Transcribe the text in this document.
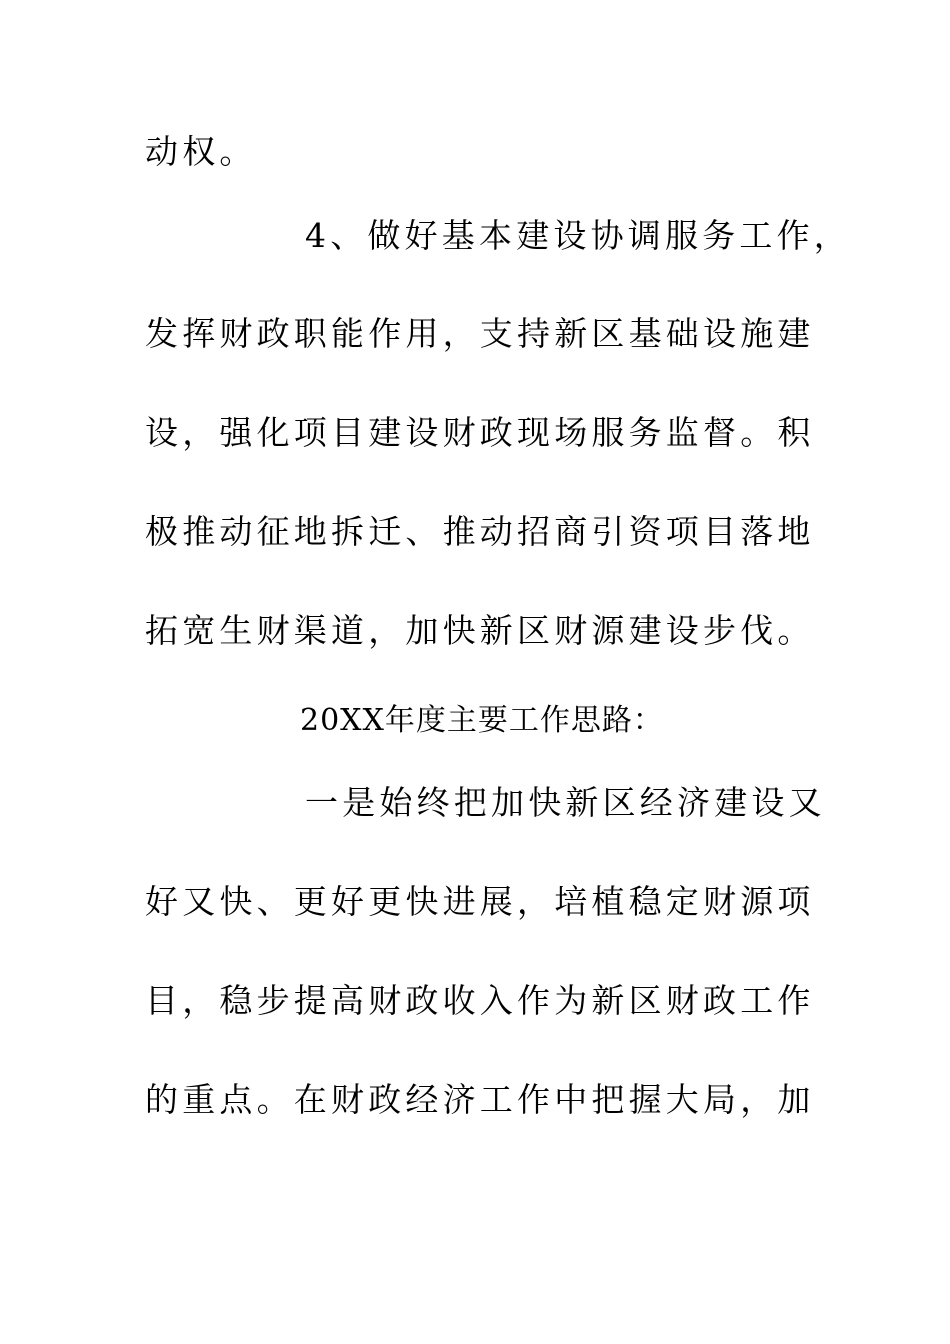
动权。
4、做好基本建设协调服务工作，
发挥财政职能作用，支持新区基础设施建
设，强化项目建设财政现场服务监督。积
极推动征地拆迁、推动招商引资项目落地
拓宽生财渠道，加快新区财源建设步伐。
20XX年度主要工作思路：
一是始终把加快新区经济建设又
好又快、更好更快进展，培植稳定财源项
目，稳步提高财政收入作为新区财政工作
的重点。在财政经济工作中把握大局，加
